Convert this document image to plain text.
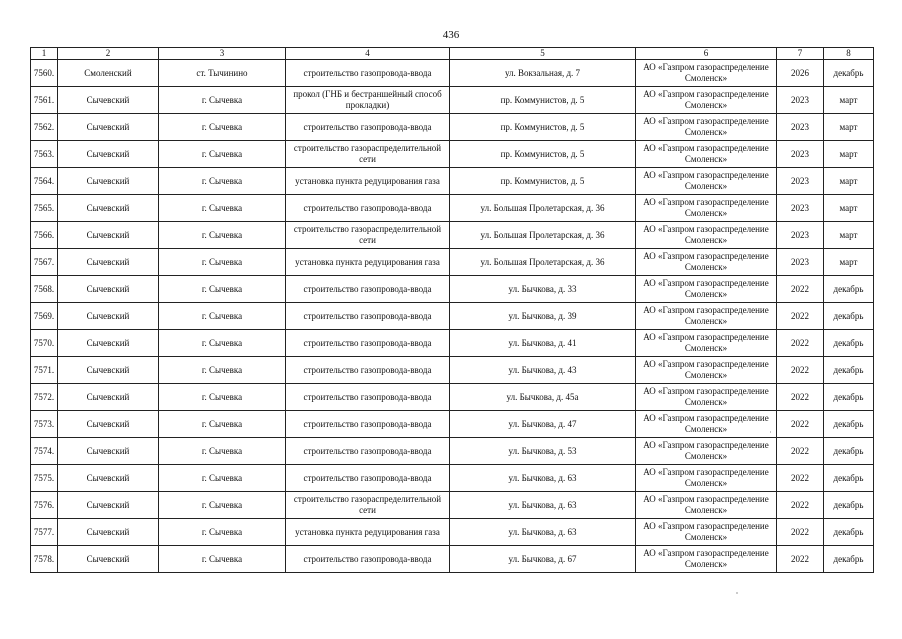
436
1	2	3	4	5	6	7	8
7560.	Смоленский	ст. Тычинино	строительство газопровода-ввода	ул. Вокзальная, д. 7	АО «Газпром газораспределение Смоленск»	2026	декабрь
7561.	Сычевский	г. Сычевка	прокол (ГНБ и бестраншейный способ прокладки)	пр. Коммунистов, д. 5	АО «Газпром газораспределение Смоленск»	2023	март
7562.	Сычевский	г. Сычевка	строительство газопровода-ввода	пр. Коммунистов, д. 5	АО «Газпром газораспределение Смоленск»	2023	март
7563.	Сычевский	г. Сычевка	строительство газораспределительной сети	пр. Коммунистов, д. 5	АО «Газпром газораспределение Смоленск»	2023	март
7564.	Сычевский	г. Сычевка	установка пункта редуцирования газа	пр. Коммунистов, д. 5	АО «Газпром газораспределение Смоленск»	2023	март
7565.	Сычевский	г. Сычевка	строительство газопровода-ввода	ул. Большая Пролетарская, д. 36	АО «Газпром газораспределение Смоленск»	2023	март
7566.	Сычевский	г. Сычевка	строительство газораспределительной сети	ул. Большая Пролетарская, д. 36	АО «Газпром газораспределение Смоленск»	2023	март
7567.	Сычевский	г. Сычевка	установка пункта редуцирования газа	ул. Большая Пролетарская, д. 36	АО «Газпром газораспределение Смоленск»	2023	март
7568.	Сычевский	г. Сычевка	строительство газопровода-ввода	ул. Бычкова, д. 33	АО «Газпром газораспределение Смоленск»	2022	декабрь
7569.	Сычевский	г. Сычевка	строительство газопровода-ввода	ул. Бычкова, д. 39	АО «Газпром газораспределение Смоленск»	2022	декабрь
7570.	Сычевский	г. Сычевка	строительство газопровода-ввода	ул. Бычкова, д. 41	АО «Газпром газораспределение Смоленск»	2022	декабрь
7571.	Сычевский	г. Сычевка	строительство газопровода-ввода	ул. Бычкова, д. 43	АО «Газпром газораспределение Смоленск»	2022	декабрь
7572.	Сычевский	г. Сычевка	строительство газопровода-ввода	ул. Бычкова, д. 45а	АО «Газпром газораспределение Смоленск»	2022	декабрь
7573.	Сычевский	г. Сычевка	строительство газопровода-ввода	ул. Бычкова, д. 47	АО «Газпром газораспределение Смоленск»	2022	декабрь
7574.	Сычевский	г. Сычевка	строительство газопровода-ввода	ул. Бычкова, д. 53	АО «Газпром газораспределение Смоленск»	2022	декабрь
7575.	Сычевский	г. Сычевка	строительство газопровода-ввода	ул. Бычкова, д. 63	АО «Газпром газораспределение Смоленск»	2022	декабрь
7576.	Сычевский	г. Сычевка	строительство газораспределительной сети	ул. Бычкова, д. 63	АО «Газпром газораспределение Смоленск»	2022	декабрь
7577.	Сычевский	г. Сычевка	установка пункта редуцирования газа	ул. Бычкова, д. 63	АО «Газпром газораспределение Смоленск»	2022	декабрь
7578.	Сычевский	г. Сычевка	строительство газопровода-ввода	ул. Бычкова, д. 67	АО «Газпром газораспределение Смоленск»	2022	декабрь
